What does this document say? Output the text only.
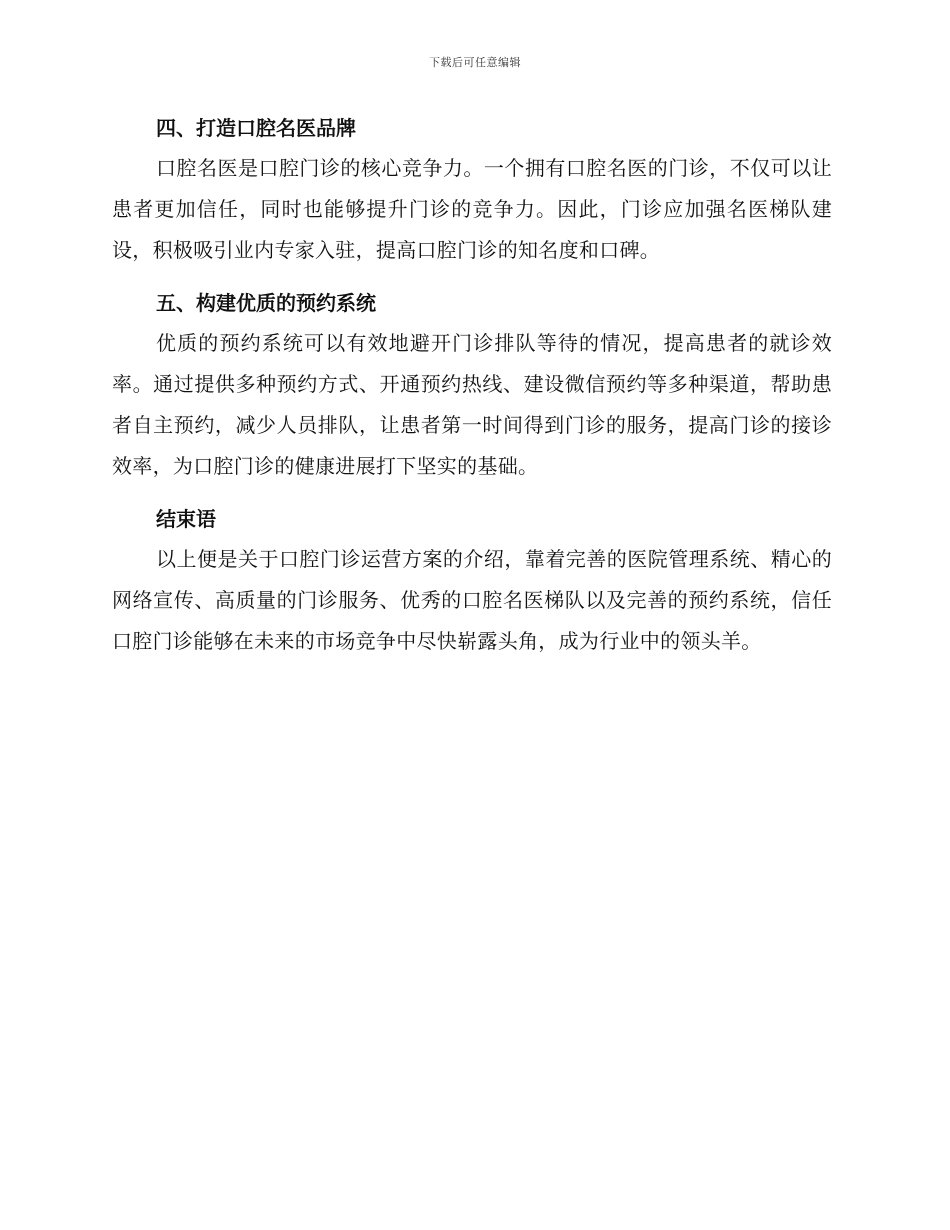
下载后可任意编辑
四、打造口腔名医品牌

口腔名医是口腔门诊的核心竞争力。一个拥有口腔名医的门诊，不仅可以让患者更加信任，同时也能够提升门诊的竞争力。因此，门诊应加强名医梯队建设，积极吸引业内专家入驻，提高口腔门诊的知名度和口碑。

五、构建优质的预约系统

优质的预约系统可以有效地避开门诊排队等待的情况，提高患者的就诊效率。通过提供多种预约方式、开通预约热线、建设微信预约等多种渠道，帮助患者自主预约，减少人员排队，让患者第一时间得到门诊的服务，提高门诊的接诊效率，为口腔门诊的健康进展打下坚实的基础。

结束语

以上便是关于口腔门诊运营方案的介绍，靠着完善的医院管理系统、精心的网络宣传、高质量的门诊服务、优秀的口腔名医梯队以及完善的预约系统，信任口腔门诊能够在未来的市场竞争中尽快崭露头角，成为行业中的领头羊。
